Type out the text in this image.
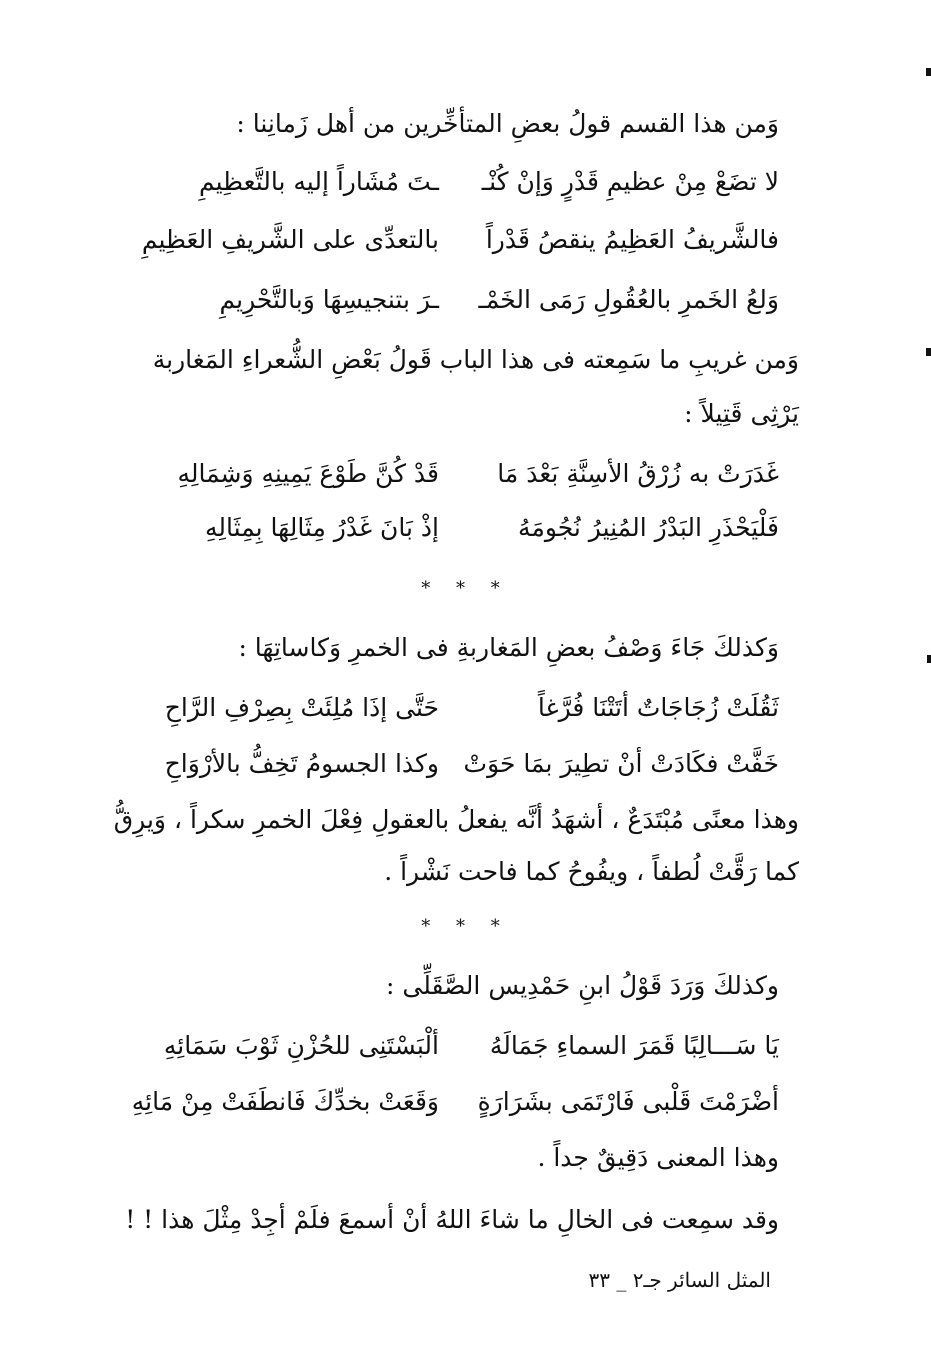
وَمن هذا القسم قولُ بعضِ المتأخِّرين من أهل زَمانِنا :

لا تضَعْ مِنْ عظيمِ قَدْرٍ وَإنْ كُنْـ
ـتَ مُشَاراً إليه بالتَّعظِيمِ
فالشَّريفُ العَظِيمُ ينقصُ قَدْراً
بالتعدِّى على الشَّريفِ العَظِيمِ
وَلعُ الخَمرِ بالعُقُولِ رَمَى الخَمْـ
ـرَ بتنجيسِهَا وَبالتَّحْرِيمِ

وَمن غريبِ ما سَمِعته فى هذا الباب قَولُ بَعْضِ الشُّعراءِ المَغاربة

يَرْثِى قَتِيلاً :

غَدَرَتْ به زُرْقُ الأسِنَّةِ بَعْدَ مَا
قَدْ كُنَّ طَوْعَ يَمِينِهِ وَشِمَالِهِ
فَلْيَحْذَرِ البَدْرُ المُنِيرُ نُجُومَهُ
إذْ بَانَ غَدْرُ مِثَالِهَا بِمِثَالِهِ
* * *

وَكذلكَ جَاءَ وَصْفُ بعضِ المَغاربةِ فى الخمرِ وَكاساتِهَا :

ثَقُلَتْ زُجَاجَاتٌ أتَتْنَا فُرَّغاً
حَتَّى إذَا مُلِئَتْ بِصِرْفِ الرَّاحِ
خَفَّتْ فكَادَتْ أنْ تطِيرَ بمَا حَوَتْ
وكذا الجسومُ تَخِفُّ بالأرْوَاحِ

وهذا معنًى مُبْتَدَعٌ ، أشهَدُ أنَّه يفعلُ بالعقولِ فِعْلَ الخمرِ سكراً ، وَيرِقُّ

كما رَقَّتْ لُطفاً ، ويفُوحُ كما فاحت نَشْراً .

* * *

وكذلكَ وَرَدَ قَوْلُ ابنِ حَمْدِيس الصَّقَلِّى :

يَا سَـــالِبًا قَمَرَ السماءِ جَمَالَهُ
ألْبَسْتَنِى للحُزْنِ ثَوْبَ سَمَائِهِ
أضْرَمْتَ قَلْبى فَارْتَمَى بشَرَارَةٍ
وَقَعَتْ بخدِّكَ فَانطَفَتْ مِنْ مَائِهِ

وهذا المعنى دَقِيقٌ جداً .

وقد سمِعت فى الخالِ ما شاءَ اللهُ أنْ أسمعَ فلَمْ أجِدْ مِثْلَ هذا ! !

المثل السائر جـ٢ _ ٣٣
